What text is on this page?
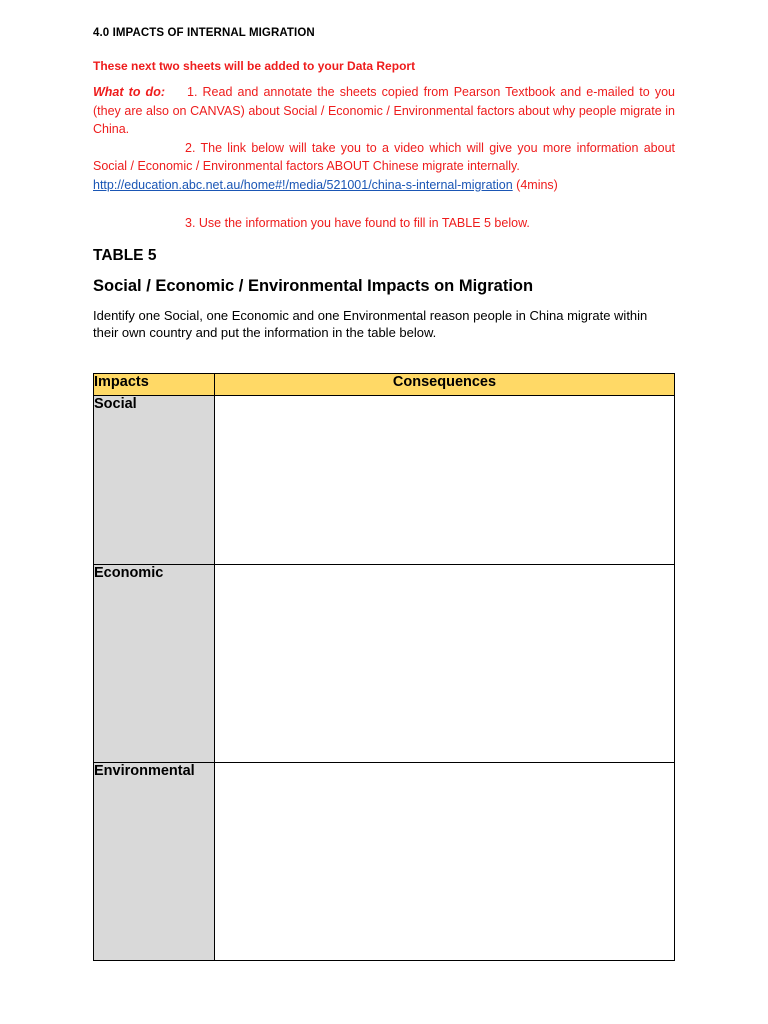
4.0 IMPACTS OF INTERNAL MIGRATION
These next two sheets will be added to your Data Report
What to do: 1. Read and annotate the sheets copied from Pearson Textbook and e-mailed to you (they are also on CANVAS) about Social / Economic / Environmental factors about why people migrate in China.
2. The link below will take you to a video which will give you more information about Social / Economic / Environmental factors ABOUT Chinese migrate internally.
http://education.abc.net.au/home#!/media/521001/china-s-internal-migration (4mins)
3. Use the information you have found to fill in TABLE 5 below.
TABLE 5
Social / Economic / Environmental Impacts on Migration
Identify one Social, one Economic and one Environmental reason people in China migrate within their own country and put the information in the table below.
Impacts	Consequences
Social	
Economic	
Environmental	
